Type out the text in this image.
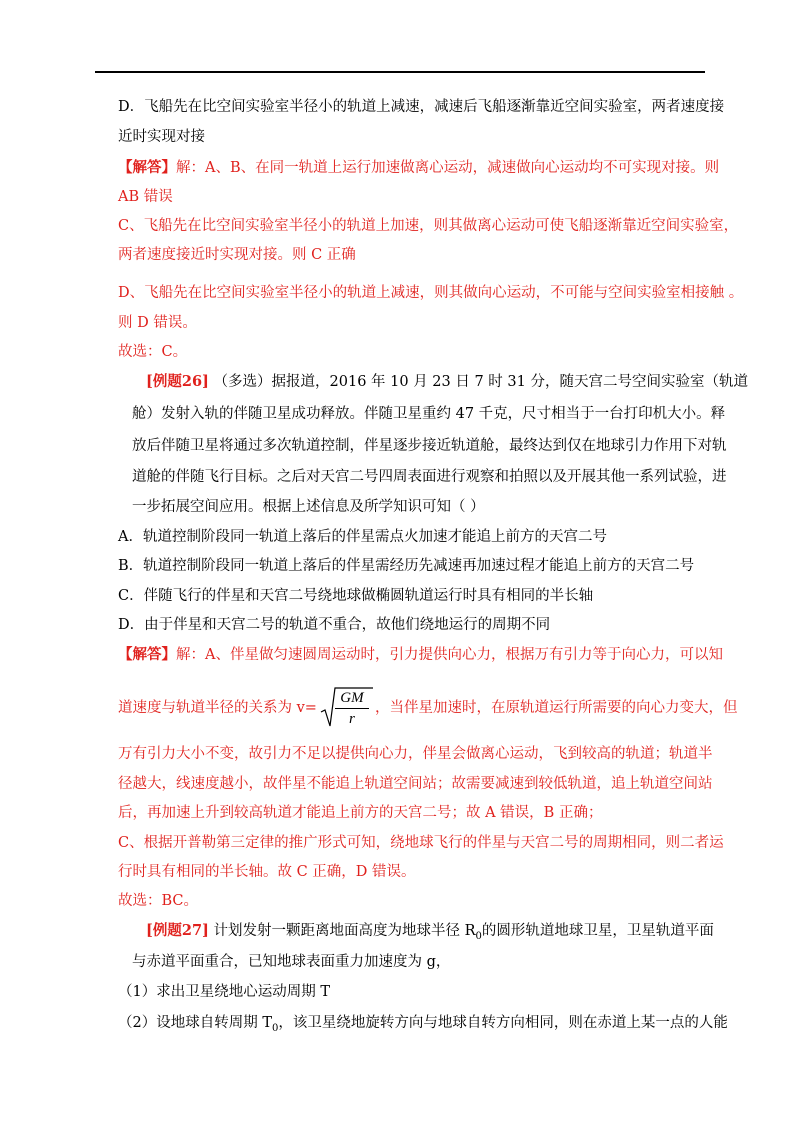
D．飞船先在比空间实验室半径小的轨道上减速，减速后飞船逐渐靠近空间实验室，两者速度接
近时实现对接
【解答】解：A、B、在同一轨道上运行加速做离心运动，减速做向心运动均不可实现对接。则
AB 错误
C、飞船先在比空间实验室半径小的轨道上加速，则其做离心运动可使飞船逐渐靠近空间实验室，
两者速度接近时实现对接。则 C 正确
D、飞船先在比空间实验室半径小的轨道上减速，则其做向心运动，不可能与空间实验室相接触 。
则 D 错误。
故选：C。
[例题26] （多选）据报道，2016 年 10 月 23 日 7 时 31 分，随天宫二号空间实验室（轨道
舱）发射入轨的伴随卫星成功释放。伴随卫星重约 47 千克，尺寸相当于一台打印机大小。释
放后伴随卫星将通过多次轨道控制，伴星逐步接近轨道舱，最终达到仅在地球引力作用下对轨
道舱的伴随飞行目标。之后对天宫二号四周表面进行观察和拍照以及开展其他一系列试验，进
一步拓展空间应用。根据上述信息及所学知识可知（ ）
A．轨道控制阶段同一轨道上落后的伴星需点火加速才能追上前方的天宫二号
B．轨道控制阶段同一轨道上落后的伴星需经历先减速再加速过程才能追上前方的天宫二号
C．伴随飞行的伴星和天宫二号绕地球做椭圆轨道运行时具有相同的半长轴
D．由于伴星和天宫二号的轨道不重合，故他们绕地运行的周期不同
【解答】解：A、伴星做匀速圆周运动时，引力提供向心力，根据万有引力等于向心力，可以知
道速度与轨道半径的关系为 v=
GM
r
，当伴星加速时，在原轨道运行所需要的向心力变大，但
万有引力大小不变，故引力不足以提供向心力，伴星会做离心运动，飞到较高的轨道；轨道半
径越大，线速度越小，故伴星不能追上轨道空间站；故需要减速到较低轨道，追上轨道空间站
后，再加速上升到较高轨道才能追上前方的天宫二号；故 A 错误，B 正确；
C、根据开普勒第三定律的推广形式可知，绕地球飞行的伴星与天宫二号的周期相同，则二者运
行时具有相同的半长轴。故 C 正确，D 错误。
故选：BC。
[例题27] 计划发射一颗距离地面高度为地球半径 $R_0$的圆形轨道地球卫星，卫星轨道平面
与赤道平面重合，已知地球表面重力加速度为 g，
（1）求出卫星绕地心运动周期 T
（2）设地球自转周期 $T_0$，该卫星绕地旋转方向与地球自转方向相同，则在赤道上某一点的人能
